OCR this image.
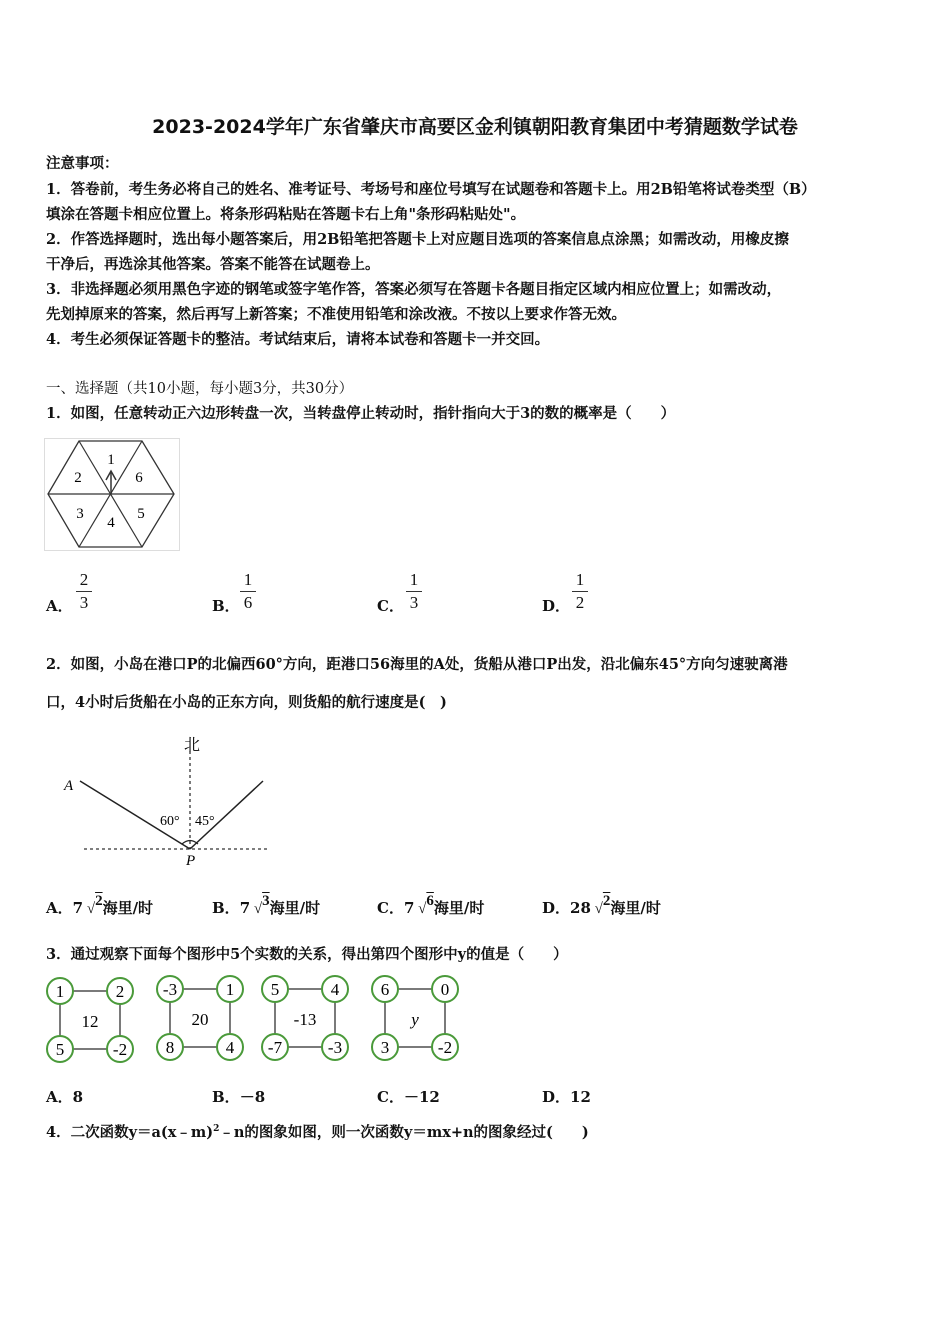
2023-2024学年广东省肇庆市高要区金利镇朝阳教育集团中考猜题数学试卷
注意事项：
1．答卷前，考生务必将自己的姓名、准考证号、考场号和座位号填写在试题卷和答题卡上。用2B铅笔将试卷类型（B）
填涂在答题卡相应位置上。将条形码粘贴在答题卡右上角"条形码粘贴处"。
2．作答选择题时，选出每小题答案后，用2B铅笔把答题卡上对应题目选项的答案信息点涂黑；如需改动，用橡皮擦
干净后，再选涂其他答案。答案不能答在试题卷上。
3．非选择题必须用黑色字迹的钢笔或签字笔作答，答案必须写在答题卡各题目指定区域内相应位置上；如需改动，
先划掉原来的答案，然后再写上新答案；不准使用铅笔和涂改液。不按以上要求作答无效。
4．考生必须保证答题卡的整洁。考试结束后，请将本试卷和答题卡一并交回。
一、选择题（共10小题，每小题3分，共30分）
1．如图，任意转动正六边形转盘一次，当转盘停止转动时，指针指向大于3的数的概率是（　　）
1
6
5
4
3
2
A．
2
3	B．
1
6	C．
1
3	D．
1
2
2．如图，小岛在港口P的北偏西60°方向，距港口56海里的A处，货船从港口P出发，沿北偏东45°方向匀速驶离港
口，4小时后货船在小岛的正东方向，则货船的航行速度是(　)
北
A
P
60° 45°
A．7 √2海里/时	B．7 √3海里/时	C．7 √6海里/时	D．28 √2海里/时
3．通过观察下面每个图形中5个实数的关系，得出第四个图形中y的值是（　　）
1	2
5	-2
12
-3	1
8	4
20
5	4
-7	-3
-13
6	0
3	-2
y
A．8	B．－8	C．－12	D．12
4．二次函数y＝a(x﹣m)$^2$﹣n的图象如图，则一次函数y＝mx+n的图象经过(　　)
